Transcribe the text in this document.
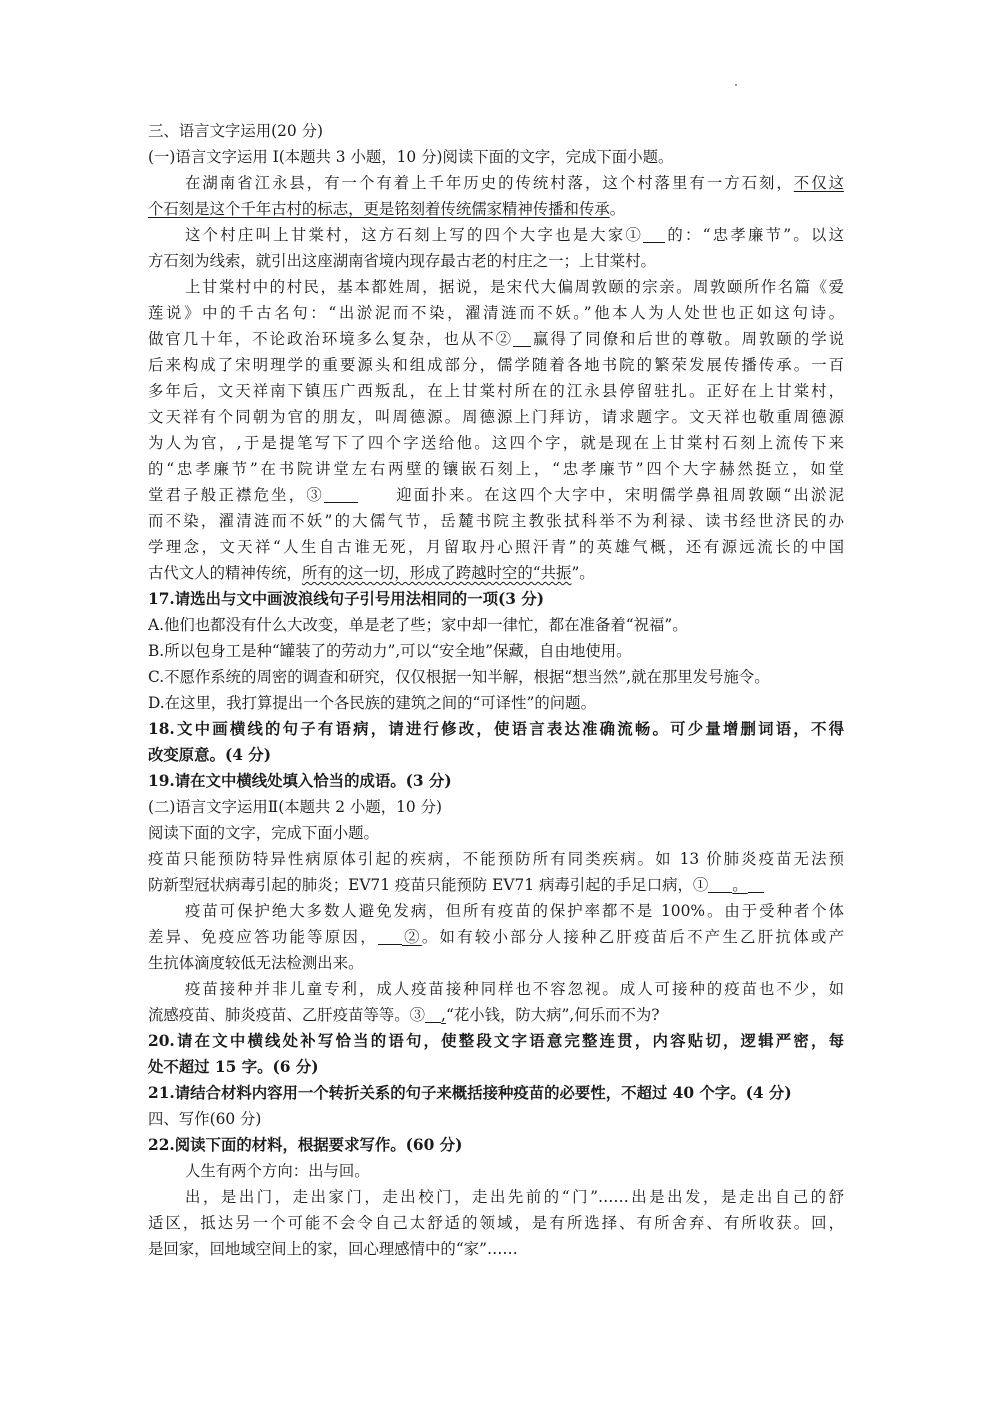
三、语言文字运用(20 分)
(一)语言文字运用 I(本题共 3 小题，10 分)阅读下面的文字，完成下面小题。
在湖南省江永县，有一个有着上千年历史的传统村落，这个村落里有一方石刻，不仅这
个石刻是这个千年古村的标志，更是铭刻着传统儒家精神传播和传承。
这个村庄叫上甘棠村，这方石刻上写的四个大字也是大家① 的：“忠孝廉节”。以这
方石刻为线索，就引出这座湖南省境内现存最古老的村庄之一；上甘棠村。
上甘棠村中的村民，基本都姓周，据说，是宋代大偏周敦颐的宗亲。周敦颐所作名篇《爱
莲说》中的千古名句：“出淤泥而不染，濯清涟而不妖。”他本人为人处世也正如这句诗。
做官几十年，不论政治环境多么复杂，也从不② 赢得了同僚和后世的尊敬。周敦颐的学说
后来构成了宋明理学的重要源头和组成部分，儒学随着各地书院的繁荣发展传播传承。一百
多年后，文天祥南下镇压广西叛乱，在上甘棠村所在的江永县停留驻扎。正好在上甘棠村，
文天祥有个同朝为官的朋友，叫周德源。周德源上门拜访，请求题字。文天祥也敬重周德源
为人为官，,于是提笔写下了四个字送给他。这四个字，就是现在上甘棠村石刻上流传下来
的“忠孝廉节”在书院讲堂左右两壁的镶嵌石刻上，“忠孝廉节”四个大字赫然挺立，如堂
堂君子般正襟危坐，③	迎面扑来。在这四个大字中，宋明儒学鼻祖周敦颐“出淤泥
而不染，濯清涟而不妖”的大儒气节，岳麓书院主教张拭科举不为利禄、读书经世济民的办
学理念，文天祥“人生自古谁无死，月留取丹心照汗青”的英雄气概，还有源远流长的中国
古代文人的精神传统，所有的这一切，形成了跨越时空的“共振”。
17.请选出与文中画波浪线句子引号用法相同的一项(3 分)
A.他们也都没有什么大改变，单是老了些；家中却一律忙，都在准备着“祝福”。
B.所以包身工是种“罐装了的劳动力”,可以“安全地”保藏，自由地使用。
C.不愿作系统的周密的调查和研究，仅仅根据一知半解，根据“想当然”,就在那里发号施令。
D.在这里，我打算提出一个各民族的建筑之间的“可译性”的问题。
18.文中画横线的句子有语病，请进行修改，使语言表达准确流畅。可少量增删词语，不得
改变原意。(4 分)
19.请在文中横线处填入恰当的成语。(3 分)
(二)语言文字运用Ⅱ(本题共 2 小题，10 分)
阅读下面的文字，完成下面小题。
疫苗只能预防特异性病原体引起的疾病，不能预防所有同类疾病。如 13 价肺炎疫苗无法预
防新型冠状病毒引起的肺炎；EV71 疫苗只能预防 EV71 病毒引起的手足口病，① 。
疫苗可保护绝大多数人避免发病，但所有疫苗的保护率都不是 100%。由于受种者个体
差异、免疫应答功能等原因， ②。如有较小部分人接种乙肝疫苗后不产生乙肝抗体或产
生抗体滴度较低无法检测出来。
疫苗接种并非儿童专利，成人疫苗接种同样也不容忽视。成人可接种的疫苗也不少，如
流感疫苗、肺炎疫苗、乙肝疫苗等等。③ ,“花小钱，防大病”,何乐而不为?
20.请在文中横线处补写恰当的语句，使整段文字语意完整连贯，内容贴切，逻辑严密，每
处不超过 15 字。(6 分)
21.请结合材料内容用一个转折关系的句子来概括接种疫苗的必要性，不超过 40 个字。(4 分)
四、写作(60 分)
22.阅读下面的材料，根据要求写作。(60 分)
人生有两个方向：出与回。
出，是出门，走出家门，走出校门，走出先前的“门”……出是出发，是走出自己的舒
适区，抵达另一个可能不会令自己太舒适的领域，是有所选择、有所舍弃、有所收获。回，
是回家，回地域空间上的家，回心理感情中的“家”……
